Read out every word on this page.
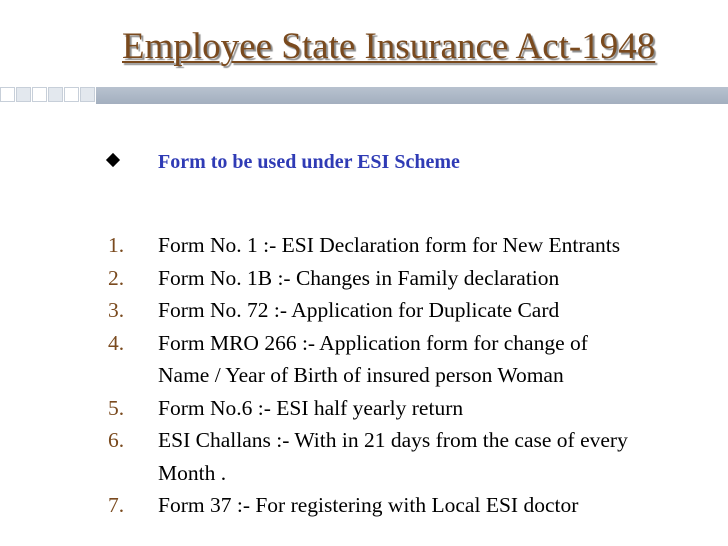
Employee State Insurance Act-1948
Form to be used under ESI Scheme
1. Form No. 1 :- ESI Declaration form for New Entrants
2. Form No. 1B :- Changes in Family declaration
3. Form No. 72 :- Application for Duplicate Card
4. Form MRO 266 :- Application form for change of
Name / Year of Birth of insured person Woman
5. Form No.6 :- ESI half yearly return
6. ESI Challans :- With in 21 days from the case of every
Month .
7. Form 37 :- For registering with Local ESI doctor
